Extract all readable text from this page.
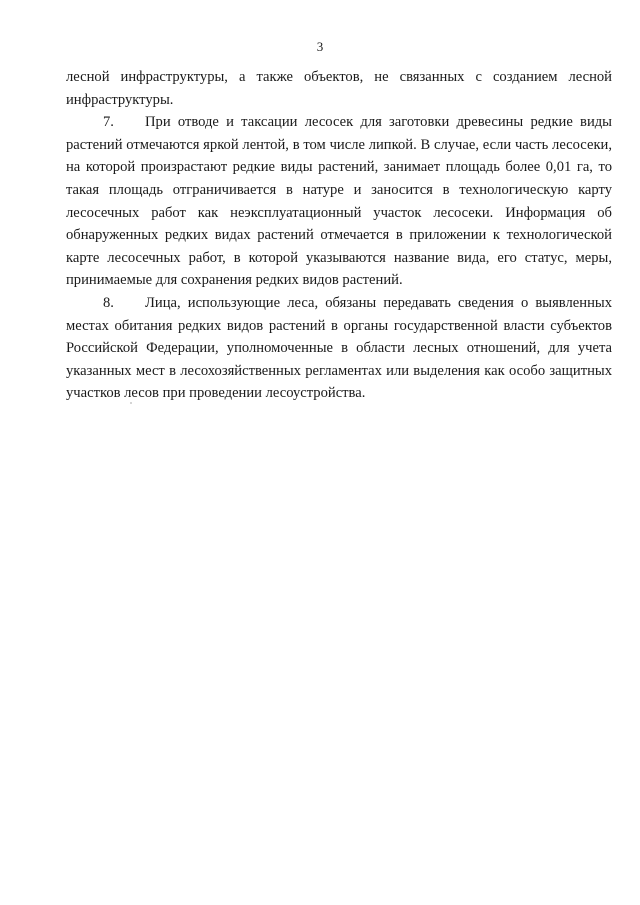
3

лесной инфраструктуры, а также объектов, не связанных с созданием лесной инфраструктуры.

7. При отводе и таксации лесосек для заготовки древесины редкие виды растений отмечаются яркой лентой, в том числе липкой. В случае, если часть лесосеки, на которой произрастают редкие виды растений, занимает площадь более 0,01 га, то такая площадь отграничивается в натуре и заносится в технологическую карту лесосечных работ как неэксплуатационный участок лесосеки. Информация об обнаруженных редких видах растений отмечается в приложении к технологической карте лесосечных работ, в которой указываются название вида, его статус, меры, принимаемые для сохранения редких видов растений.

8. Лица, использующие леса, обязаны передавать сведения о выявленных местах обитания редких видов растений в органы государственной власти субъектов Российской Федерации, уполномоченные в области лесных отношений, для учета указанных мест в лесохозяйственных регламентах или выделения как особо защитных участков лесов при проведении лесоустройства.
